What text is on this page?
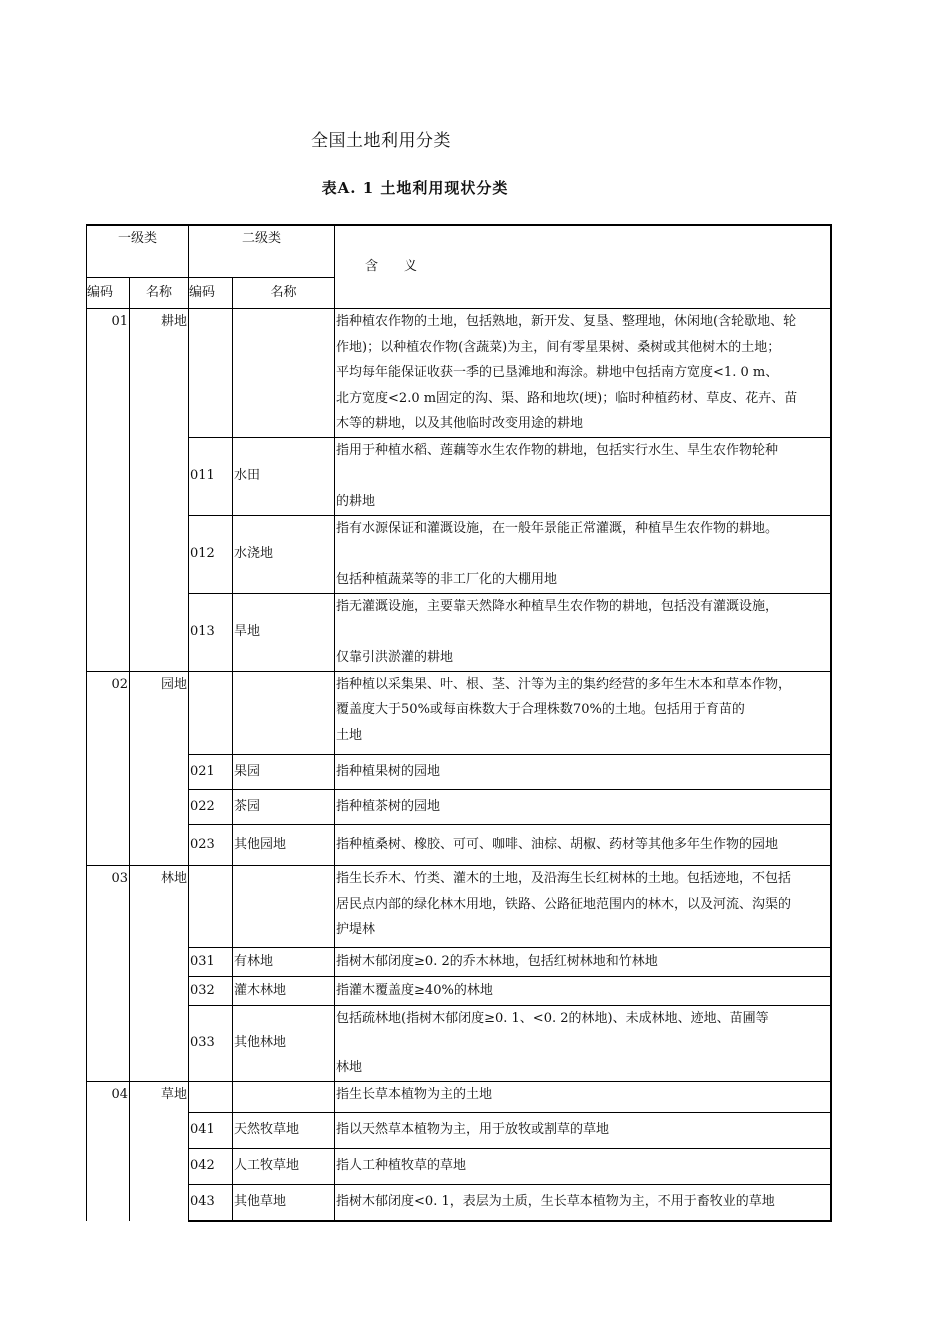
全国土地利用分类
表A. 1 土地利用现状分类
一级类		二级类		含　　义
编码	名称	编码	名称	
01	耕地			指种植农作物的土地，包括熟地，新开发、复垦、整理地，休闲地(含轮歇地、轮

作地)；以种植农作物(含蔬菜)为主，间有零星果树、桑树或其他树木的土地；

平均每年能保证收获一季的已垦滩地和海涂。耕地中包括南方宽度<1. 0 m、

北方宽度<2.0 m固定的沟、渠、路和地坎(埂)；临时种植药材、草皮、花卉、苗

木等的耕地，以及其他临时改变用途的耕地

		011	水田	指用于种植水稻、莲藕等水生农作物的耕地，包括实行水生、旱生农作物轮种

的耕地

		012	水浇地	指有水源保证和灌溉设施，在一般年景能正常灌溉，种植旱生农作物的耕地。

包括种植蔬菜等的非工厂化的大棚用地

		013	旱地	指无灌溉设施，主要靠天然降水种植旱生农作物的耕地，包括没有灌溉设施，

仅靠引洪淤灌的耕地

02	园地			指种植以采集果、叶、根、茎、汁等为主的集约经营的多年生木本和草本作物，

覆盖度大于50%或每亩株数大于合理株数70%的土地。包括用于育苗的

土地

		021	果园	指种植果树的园地

		022	茶园	指种植茶树的园地

		023	其他园地	指种植桑树、橡胶、可可、咖啡、油棕、胡椒、药材等其他多年生作物的园地

03	林地			指生长乔木、竹类、灌木的土地，及沿海生长红树林的土地。包括迹地，不包括

居民点内部的绿化林木用地，铁路、公路征地范围内的林木，以及河流、沟渠的

护堤林

		031	有林地	指树木郁闭度≥0. 2的乔木林地，包括红树林地和竹林地

		032	灌木林地	指灌木覆盖度≥40%的林地

		033	其他林地	包括疏林地(指树木郁闭度≥0. 1、<0. 2的林地)、未成林地、迹地、苗圃等

林地

04	草地			指生长草本植物为主的土地

		041	天然牧草地	指以天然草本植物为主，用于放牧或割草的草地

		042	人工牧草地	指人工种植牧草的草地

		043	其他草地	指树木郁闭度<0. 1，表层为土质，生长草本植物为主，不用于畜牧业的草地
